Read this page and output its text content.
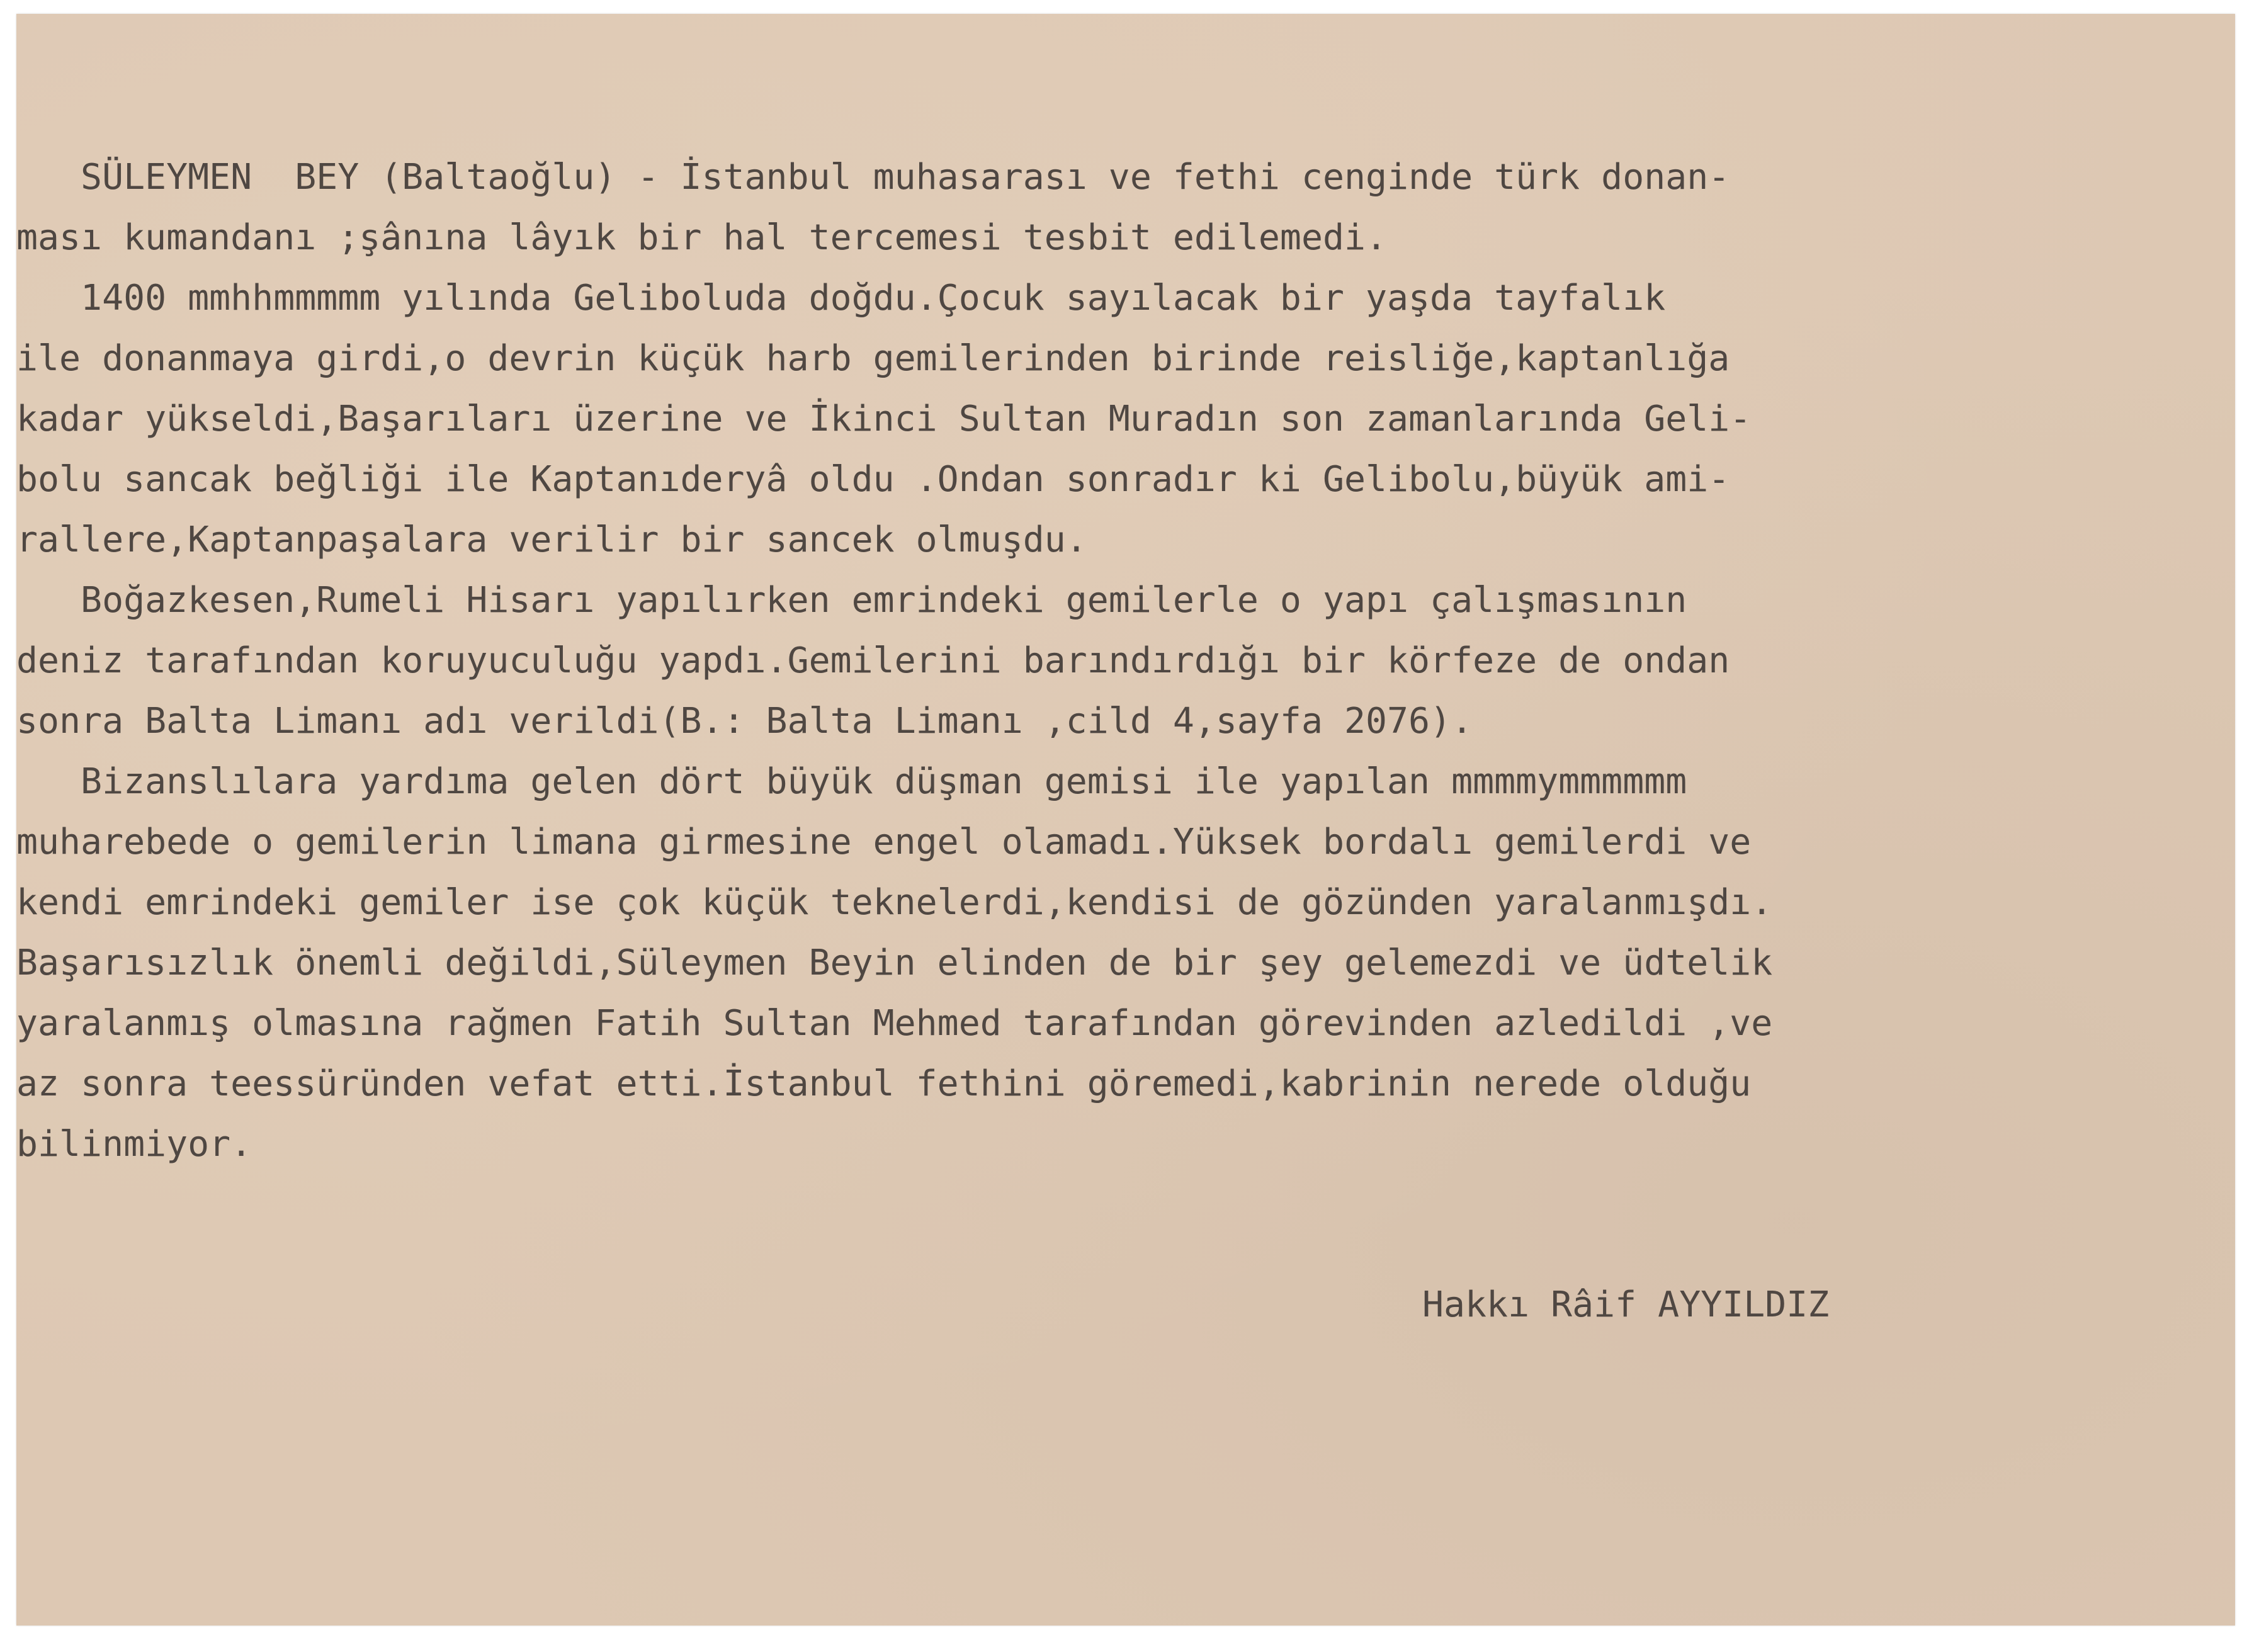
SÜLEYMEN  BEY (Baltaoğlu) - İstanbul muhasarası ve fethi cenginde türk donan-
ması kumandanı ;şânına lâyık bir hal tercemesi tesbit edilemedi.
1400 mmhhmmmmm yılında Geliboluda doğdu.Çocuk sayılacak bir yaşda tayfalık
ile donanmaya girdi,o devrin küçük harb gemilerinden birinde reisliğe,kaptanlığa
kadar yükseldi,Başarıları üzerine ve İkinci Sultan Muradın son zamanlarında Geli-
bolu sancak beğliği ile Kaptanıderyâ oldu .Ondan sonradır ki Gelibolu,büyük ami-
rallere,Kaptanpaşalara verilir bir sancek olmuşdu.
Boğazkesen,Rumeli Hisarı yapılırken emrindeki gemilerle o yapı çalışmasının
deniz tarafından koruyuculuğu yapdı.Gemilerini barındırdığı bir körfeze de ondan
sonra Balta Limanı adı verildi(B.: Balta Limanı ,cild 4,sayfa 2076).
Bizanslılara yardıma gelen dört büyük düşman gemisi ile yapılan mmmmymmmmmm
muharebede o gemilerin limana girmesine engel olamadı.Yüksek bordalı gemilerdi ve
kendi emrindeki gemiler ise çok küçük teknelerdi,kendisi de gözünden yaralanmışdı.
Başarısızlık önemli değildi,Süleymen Beyin elinden de bir şey gelemezdi ve üdtelik
yaralanmış olmasına rağmen Fatih Sultan Mehmed tarafından görevinden azledildi ,ve
az sonra teessüründen vefat etti.İstanbul fethini göremedi,kabrinin nerede olduğu
bilinmiyor.
Hakkı Râif AYYILDIZ
